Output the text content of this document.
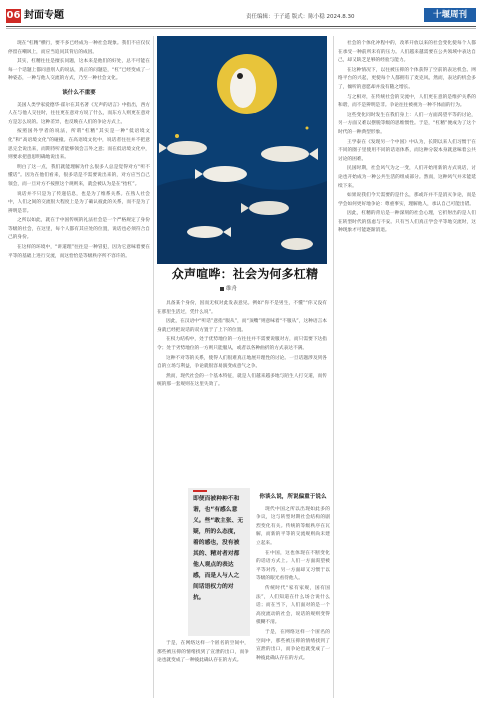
06 封面专题	责任编辑：于子遥 版式：陈小稳 2024.8.30	十堰周刊

现在“杠精”横行，要不多已经成为一种社会现象。我们不应仅仅停留在嘲讽上，而应当追问其背后的成因。

其实，杠精往往是擅长问题，这本来是他们的好处，总不可能在每一个话题上都同意别人的说法，真正的问题是，“杠”已经变成了一种姿态，一种与他人交流的方式，乃至一种社会文化。

谈什么不重要

美国人类学家爱德华·霍尔在其名著《无声的语言》中指出，西方人在与他人交往时，往往更在意对方说了什么，而东方人则更在意对方是怎么说的。这种差异，也反映在人们的争论方式上。

按照国外学者的说法，所谓“杠精”其实是一种“低语境文化”和“高语境文化”的碰撞。在高语境文化中，说话者往往并不把意思完全说出来，而期待听者能够领会言外之意；而在低语境文化中，则要求把意思明确地说出来。

明白了这一点，我们就能理解为什么很多人总是觉得对方“听不懂话”。因为在他们看来，很多话是不需要说出来的，对方应当自己领会，而一旦对方不按照这个规则来，就会被认为是在“抬杠”。

说话并不只是为了传递信息，也是为了维系关系。在熟人社会中，人们之间的交流很大程度上是为了确认彼此的关系，而不是为了辨明是非。

之所以如此，就在于中国传统的礼法社会是一个严格规定了身份等级的社会，在这里，每个人都有其应处的位置，说话也必须符合自己的身份。

在这样的环境中，“讲道理”往往是一种冒犯，因为它意味着要在平等的基础上进行交流，而这恰恰是等级秩序所不容许的。

众声喧哗：社会为何多杠精
维舟

具备某个身份，因而无权对此发表意见。例如“你不是男生，不懂”“你又没有在那里生活过，凭什么说”。

因此，在汉语中“听话”意指“服从”，而“顶嘴”则意味着“不服从”，这种语言本身就已经把说话的双方置于了上下的位置。

在权力结构中，处于优势地位的一方往往并不需要说服对方，而只需要下达指令；处于劣势地位的一方则只能服从，或者以各种曲折的方式表达不满。

这种不对等的关系，使得人们很难真正地展开理性的讨论。一旦话题涉及到各自的立场与利益，争论就很容易演变成意气之争。

然而，现代社会的一个基本特征，就是人们越来越多地与陌生人打交道，而传统的那一套规则在这里失效了。

即便而被种种不和谐，也“有感么意义。些“敢主张、无疑，所的么态度，着的感也，没有被其的、精对者对都他人观点的表达感，而是人与人之间话语权力的对抗。
你谈么说，所说偏重于说么

现代中国之所以出现如此多的争议，这与转型时期社会结构的剧烈变化有关。传统的等级秩序在瓦解，而新的平等的交流规则尚未建立起来。

在中国，这也体现在不断变化的话语方式上。人们一方面渴望被平等对待，另一方面却又习惯于以等级的眼光看待他人。

传统时代“家有家规，国有国法”，人们知道在什么场合说什么话；而在当下，人们面对的是一个高度流动的社会，说话的规则变得模糊不清。

于是，在网络这样一个匿名的空间中，那些被压抑的情绪找到了宣泄的出口，而争论也就变成了一种彼此确认存在的方式。

于是，在网络这样一个匿名的空间中，那些被压抑的情绪找到了宣泄的出口，而争论也就变成了一种彼此确认存在的方式。

社会的个体化冲程中的，改革开放以来的社会变化使每个人都在承受一种前所未有的压力。人们越来越需要在公共领域中表达自己，却又缺乏足够的经验与能力。

在这种情况下，以往被压抑的个体获得了空前的表达机会。网络平台的兴起，更使每个人都拥有了麦克风。然而，表达的机会多了，倾听的意愿却并没有随之增长。

与之相对，在传统社会的交流中，人们更在意的是维护关系的和谐，而不是辨明是非。争论往往被视为一种不体面的行为。

这些变化同时发生在我们身上：人们一方面渴望平等的讨论，另一方面又难以摆脱等级的思维惯性。于是，“杠精”便成为了这个时代的一种典型形象。

王学泰在《发现另一个中国》中认为，长期以来人们习惯于在不同的圈子里使用不同的话语体系，而这种分裂本身就意味着公共讨论的困难。

民国时期，社会风气为之一变，人们开始用新的方式说话，讨论也开始成为一种公共生活的组成部分。然而，这种风气并未能延续下来。

如果说我们今天需要的是什么，那或许并不是消灭争论，而是学会如何更好地争论：尊重事实，理解他人，承认自己可能出错。

因此，杠精的背后是一种深刻的社会心理，它折射出的是人们在转型时代的焦虑与不安。只有当人们真正学会平等地交流时，这种现象才可能逐渐消退。
